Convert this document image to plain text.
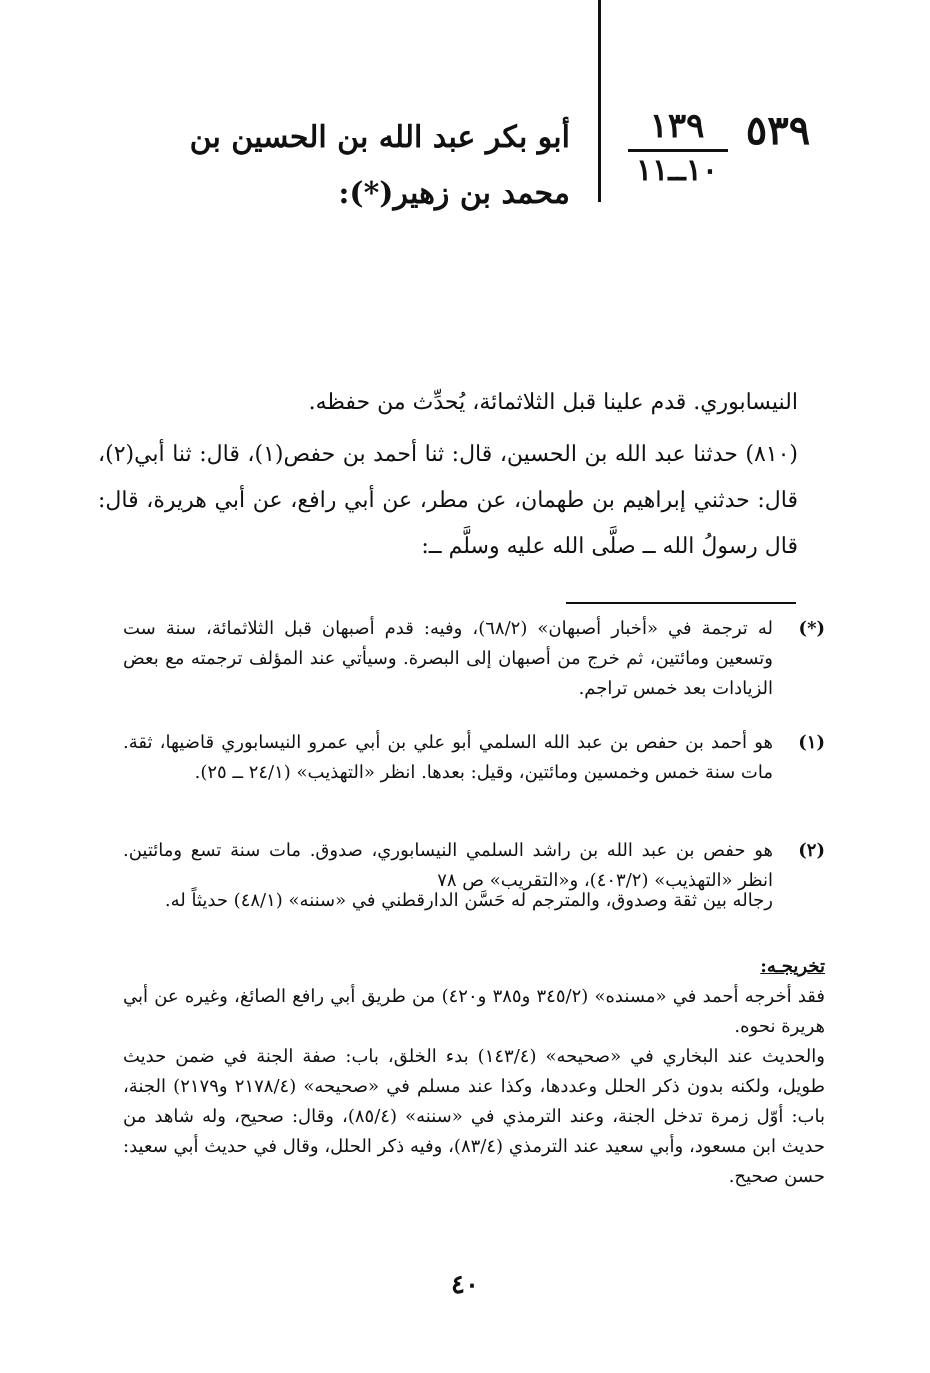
٥٣٩
١٣٩
١٠ــ١١
أبو بكر عبد الله بن الحسين بن محمد بن زهير(*):
النيسابوري. قدم علينا قبل الثلاثمائة، يُحدِّث من حفظه.
(٨١٠) حدثنا عبد الله بن الحسين، قال: ثنا أحمد بن حفص(١)، قال: ثنا أبي(٢)، قال: حدثني إبراهيم بن طهمان، عن مطر، عن أبي رافع، عن أبي هريرة، قال: قال رسولُ الله ــ صلَّى الله عليه وسلَّم ــ:
(*)
له ترجمة في «أخبار أصبهان» (٦٨/٢)، وفيه: قدم أصبهان قبل الثلاثمائة، سنة ست وتسعين ومائتين، ثم خرج من أصبهان إلى البصرة. وسيأتي عند المؤلف ترجمته مع بعض الزيادات بعد خمس تراجم.
(١)
هو أحمد بن حفص بن عبد الله السلمي أبو علي بن أبي عمرو النيسابوري قاضيها، ثقة. مات سنة خمس وخمسين ومائتين، وقيل: بعدها. انظر «التهذيب» (٢٤/١ ــ ٢٥).
(٢)
هو حفص بن عبد الله بن راشد السلمي النيسابوري، صدوق. مات سنة تسع ومائتين. انظر «التهذيب» (٤٠٣/٢)، و«التقريب» ص ٧٨
رجاله بين ثقة وصدوق، والمترجم له حَسَّن الدارقطني في «سننه» (٤٨/١) حديثاً له.
تخريجـه:
فقد أخرجه أحمد في «مسنده» (٣٤٥/٢ و٣٨٥ و٤٢٠) من طريق أبي رافع الصائغ، وغيره عن أبي هريرة نحوه.
والحديث عند البخاري في «صحيحه» (١٤٣/٤) بدء الخلق، باب: صفة الجنة في ضمن حديث طويل، ولكنه بدون ذكر الحلل وعددها، وكذا عند مسلم في «صحيحه» (٢١٧٨/٤ و٢١٧٩) الجنة، باب: أوّل زمرة تدخل الجنة، وعند الترمذي في «سننه» (٨٥/٤)، وقال: صحيح، وله شاهد من حديث ابن مسعود، وأبي سعيد عند الترمذي (٨٣/٤)، وفيه ذكر الحلل، وقال في حديث أبي سعيد: حسن صحيح.
٤٠
